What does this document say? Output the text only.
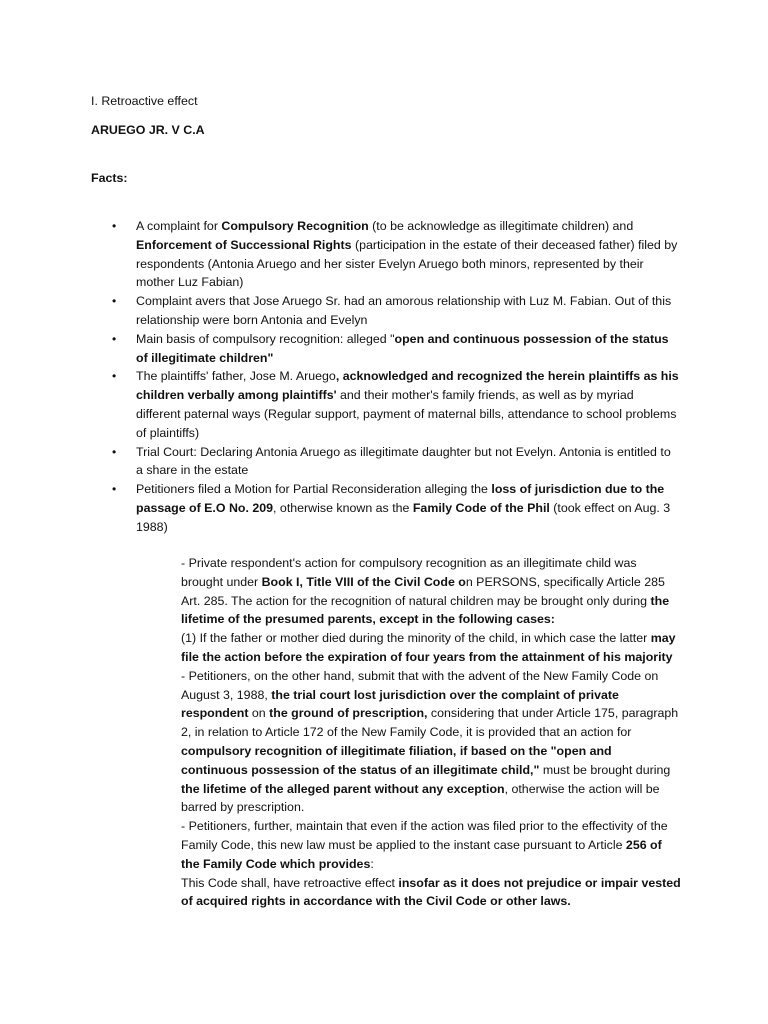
I. Retroactive effect

ARUEGO JR. V C.A

Facts:

• A complaint for Compulsory Recognition (to be acknowledge as illegitimate children) and Enforcement of Successional Rights (participation in the estate of their deceased father) filed by respondents (Antonia Aruego and her sister Evelyn Aruego both minors, represented by their mother Luz Fabian)
• Complaint avers that Jose Aruego Sr. had an amorous relationship with Luz M. Fabian. Out of this relationship were born Antonia and Evelyn
• Main basis of compulsory recognition: alleged "open and continuous possession of the status of illegitimate children"
• The plaintiffs' father, Jose M. Aruego, acknowledged and recognized the herein plaintiffs as his children verbally among plaintiffs' and their mother's family friends, as well as by myriad different paternal ways (Regular support, payment of maternal bills, attendance to school problems of plaintiffs)
• Trial Court: Declaring Antonia Aruego as illegitimate daughter but not Evelyn. Antonia is entitled to a share in the estate
• Petitioners filed a Motion for Partial Reconsideration alleging the loss of jurisdiction due to the passage of E.O No. 209, otherwise known as the Family Code of the Phil (took effect on Aug. 3 1988)

- Private respondent's action for compulsory recognition as an illegitimate child was brought under Book I, Title VIII of the Civil Code on PERSONS, specifically Article 285

Art. 285. The action for the recognition of natural children may be brought only during the lifetime of the presumed parents, except in the following cases:

(1) If the father or mother died during the minority of the child, in which case the latter may file the action before the expiration of four years from the attainment of his majority

- Petitioners, on the other hand, submit that with the advent of the New Family Code on August 3, 1988, the trial court lost jurisdiction over the complaint of private respondent on the ground of prescription, considering that under Article 175, paragraph 2, in relation to Article 172 of the New Family Code, it is provided that an action for compulsory recognition of illegitimate filiation, if based on the "open and continuous possession of the status of an illegitimate child," must be brought during the lifetime of the alleged parent without any exception, otherwise the action will be barred by prescription.

- Petitioners, further, maintain that even if the action was filed prior to the effectivity of the Family Code, this new law must be applied to the instant case pursuant to Article 256 of the Family Code which provides:

This Code shall, have retroactive effect insofar as it does not prejudice or impair vested of acquired rights in accordance with the Civil Code or other laws.
